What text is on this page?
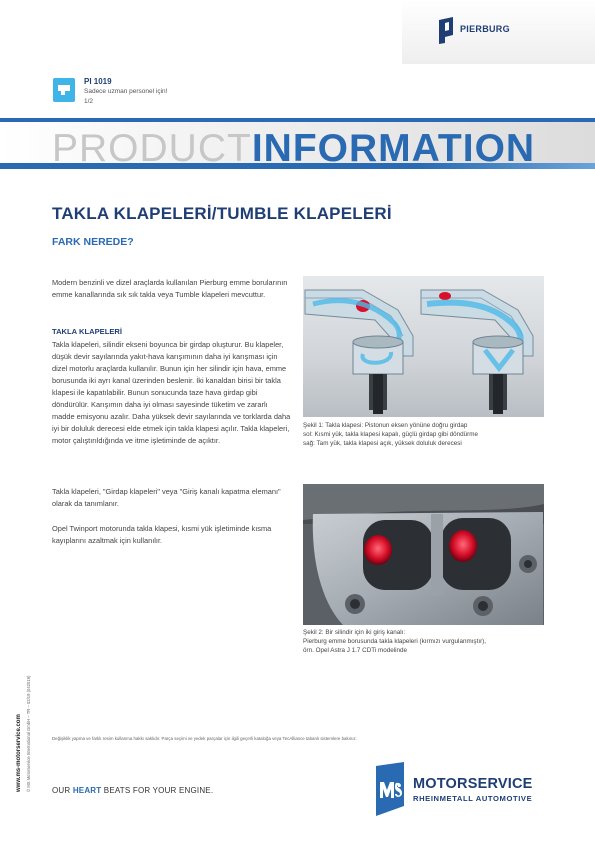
PIERBURG
PI 1019
Sadece uzman personel için!
1/2
PRODUCTINFORMATION
TAKLA KLAPELERİ/TUMBLE KLAPELERİ
FARK NEREDE?
Modern benzinli ve dizel araçlarda kullanılan Pierburg emme borularının emme kanallarında sık sık takla veya Tumble klapeleri mevcuttur.
TAKLA KLAPELERİ
Takla klapeleri, silindir ekseni boyunca bir girdap oluşturur. Bu klapeler, düşük devir sayılarında yakıt-hava karışımının daha iyi karışması için dizel motorlu araçlarda kullanılır. Bunun için her silindir için hava, emme borusunda iki ayrı kanal üzerinden beslenir. İki kanaldan birisi bir takla klapesi ile kapatılabilir. Bunun sonucunda taze hava girdap gibi döndürülür. Karışımın daha iyi olması sayesinde tüketim ve zararlı madde emisyonu azalır. Daha yüksek devir sayılarında ve torklarda daha iyi bir doluluk derecesi elde etmek için takla klapesi açılır. Takla klapeleri, motor çalıştırıldığında ve itme işletiminde de açıktır.
Takla klapeleri, "Girdap klapeleri" veya "Giriş kanalı kapatma elemanı" olarak da tanımlanır.
Opel Twinport motorunda takla klapesi, kısmi yük işletiminde kısma kayıplarını azaltmak için kullanılır.
Şekil 1: Takla klapesi: Pistonun eksen yönüne doğru girdap
sol: Kısmi yük, takla klapesi kapalı, güçlü girdap gibi döndürme
sağ: Tam yük, takla klapesi açık, yüksek doluluk derecesi
Şekil 2: Bir silindir için iki giriş kanalı:
Pierburg emme borusunda takla klapeleri (kırmızı vurgulanmıştır),
örn. Opel Astra J 1.7 CDTi modelinde
Değişiklik yapma ve farklı resim kullanma hakkı saklıdır. Parça seçimi ve yedek parçalar için ilgili geçerli kataloğa veya TecAlliance tabanlı sistemlere bakınız.
www.ms-motorservice.com © MS Motorservice International GmbH – TR – 02/19 (042019)	OUR HEART BEATS FOR YOUR ENGINE.	MOTORSERVICE
RHEINMETALL AUTOMOTIVE
